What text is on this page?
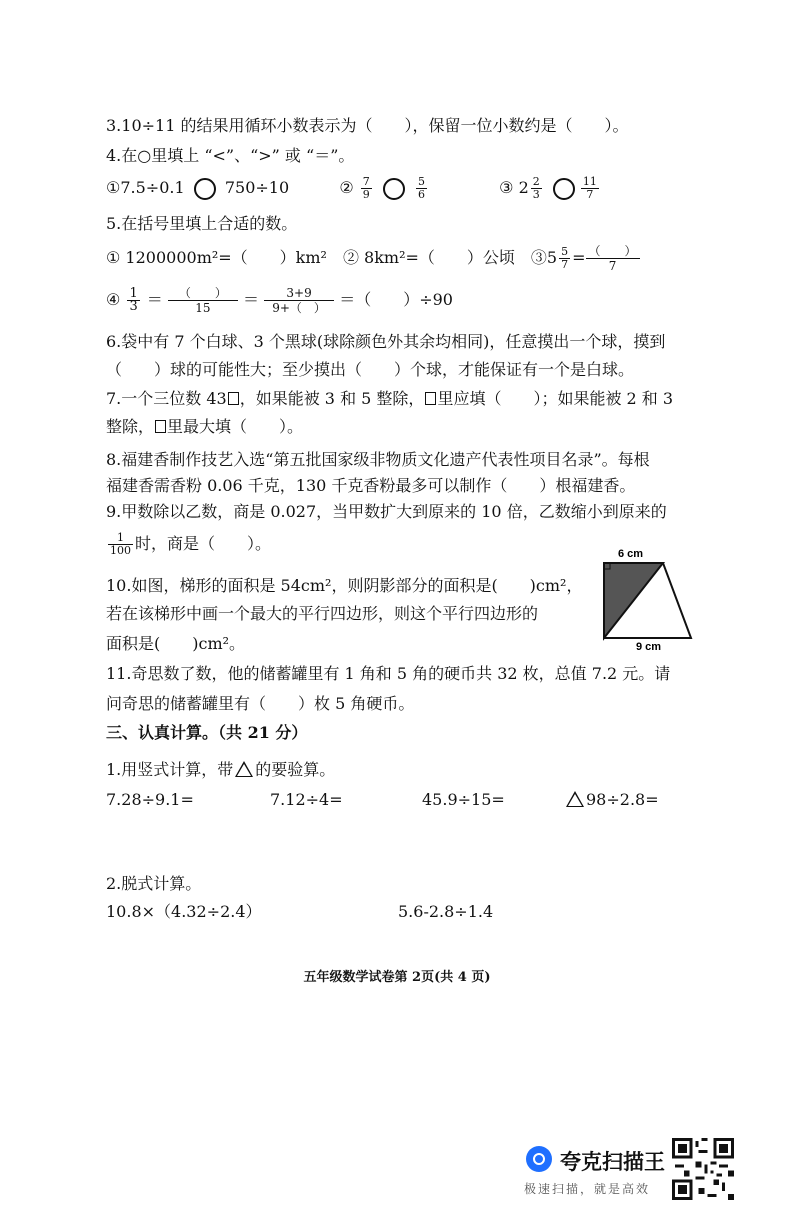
3.10÷11 的结果用循环小数表示为（　　），保留一位小数约是（　　）。
4.在○里填上 “<”、“>” 或 “＝”。
①7.5÷0.1	750÷10	② $\frac{7}{9}$
	$\frac{5}{6}$	③ $2 \frac{2}{3}$
	$\frac{11}{7}$
5.在括号里填上合适的数。
① 1200000m²=（　　）km²　② 8km²=（　　）公顷　③5 $\frac{5}{7} = \frac{( )}{7}$
④ $\frac{1}{3} = \frac{( )}{15} = \frac{3+9}{9+( )}$ ＝（　　）÷90
6.袋中有 7 个白球、3 个黑球(球除颜色外其余均相同)，任意摸出一个球，摸到
（　　）球的可能性大；至少摸出（　　）个球，才能保证有一个是白球。
7.一个三位数 43 ，如果能被 3 和 5 整除， 里应填（　　）；如果能被 2 和 3
整除， 里最大填（　　）。
8.福建香制作技艺入选“第五批国家级非物质文化遗产代表性项目名录”。每根
福建香需香粉 0.06 千克，130 千克香粉最多可以制作（　　）根福建香。
9.甲数除以乙数，商是 0.027，当甲数扩大到原来的 10 倍，乙数缩小到原来的
$\frac{1}{100}$ 时，商是（　　）。
10.如图，梯形的面积是 54cm²，则阴影部分的面积是(　　)cm²，
若在该梯形中画一个最大的平行四边形，则这个平行四边形的
面积是(　　)cm²。
6 cm
9 cm
11.奇思数了数，他的储蓄罐里有 1 角和 5 角的硬币共 32 枚，总值 7.2 元。请
问奇思的储蓄罐里有（　　）枚 5 角硬币。
三、认真计算。（共 21 分）
1.用竖式计算，带 的要验算。
7.28÷9.1=	7.12÷4=	45.9÷15=	98÷2.8=
2.脱式计算。
10.8×（4.32÷2.4）	5.6-2.8÷1.4
五年级数学试卷第 2页(共 4 页)
夸克扫描王
极速扫描，就是高效
